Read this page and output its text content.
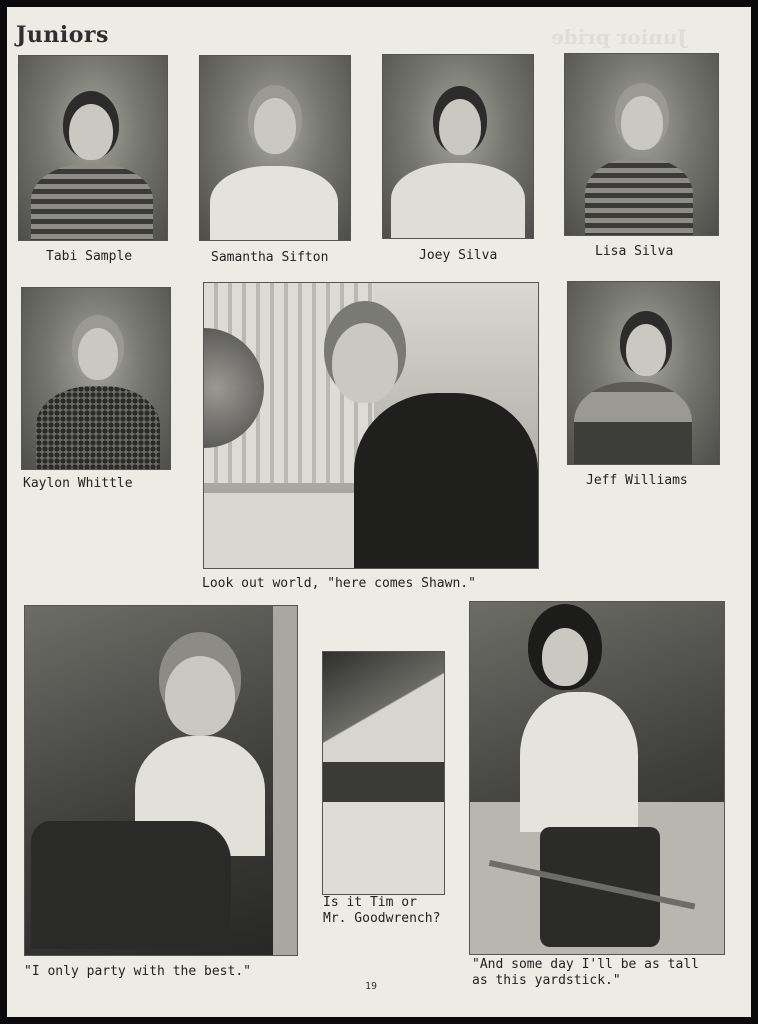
Junior pride
Juniors
Tabi Sample	Samantha Sifton	Joey Silva	Lisa Silva
Kaylon Whittle
Look out world, "here comes Shawn."
Jeff Williams
"I only party with the best."
Is it Tim or
Mr. Goodwrench?
"And some day I'll be as tall
as this yardstick."
19
